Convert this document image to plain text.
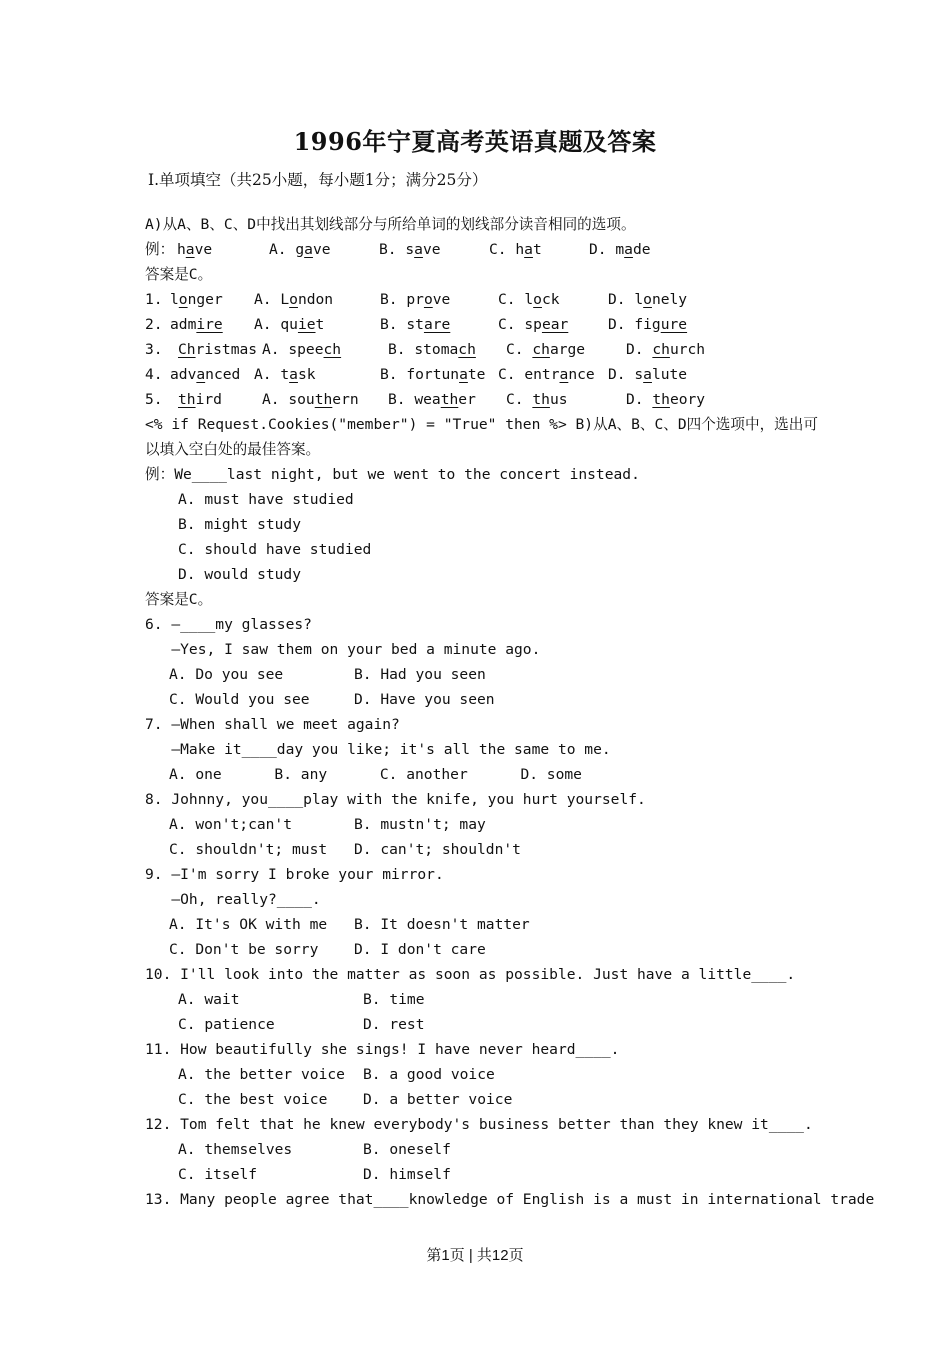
1996年宁夏高考英语真题及答案
Ⅰ.单项填空（共25小题，每小题1分；满分25分）
A)从A、B、C、D中找出其划线部分与所给单词的划线部分读音相同的选项。
例： have	A. gave	B. save	C. hat	D. made
答案是C。
1. longer A. London	B. prove	C. lock	D. lonely
2. admire A. quiet	B. stare	C. spear	D. figure
3. Christmas A. speech	B. stomach C. charge	D. church
4. advanced A. task	B. fortunate C. entrance D. salute
5. third	A. southern B. weather C. thus	D. theory
<% if Request.Cookies("member") = "True" then %> B)从A、B、C、D四个选项中，选出可以填入空白处的最佳答案。
例：We____last night, but we went to the concert instead.
A. must have studied
B. might study
C. should have studied
D. would study
答案是C。
6. —____my glasses?
—Yes, I saw them on your bed a minute ago.
A. Do you see	B. Had you seen
C. Would you see	D. Have you seen
7. —When shall we meet again?
—Make it____day you like; it's all the same to me.
A. one      B. any      C. another      D. some
8. Johnny, you____play with the knife, you hurt yourself.
A. won't;can't	B. mustn't; may
C. shouldn't; must D. can't; shouldn't
9. —I'm sorry I broke your mirror.
—Oh, really?____.
A. It's OK with me B. It doesn't matter
C. Don't be sorry D. I don't care
10. I'll look into the matter as soon as possible. Just have a little____.
A. wait	B. time
C. patience	D. rest
11. How beautifully she sings! I have never heard____.
A. the better voice B. a good voice
C. the best voice D. a better voice
12. Tom felt that he knew everybody's business better than they knew it____.
A. themselves	B. oneself
C. itself	D. himself
13. Many people agree that____knowledge of English is a must in international trade
第1页 | 共12页
